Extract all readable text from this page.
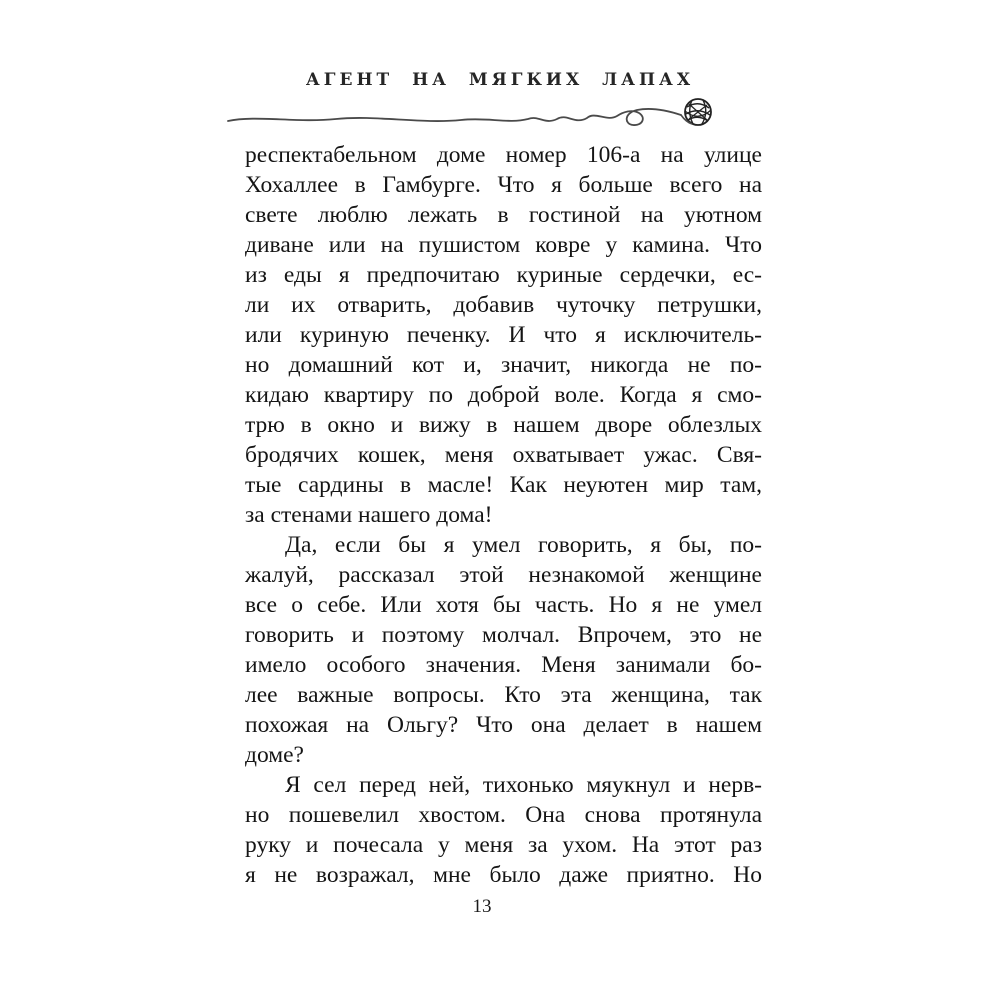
АГЕНТ НА МЯГКИХ ЛАПАХ
респектабельном доме номер 106-а на улице
Хохаллее в Гамбурге. Что я больше всего на
свете люблю лежать в гостиной на уютном
диване или на пушистом ковре у камина. Что
из еды я предпочитаю куриные сердечки, ес-
ли их отварить, добавив чуточку петрушки,
или куриную печенку. И что я исключитель-
но домашний кот и, значит, никогда не по-
кидаю квартиру по доброй воле. Когда я смо-
трю в окно и вижу в нашем дворе облезлых
бродячих кошек, меня охватывает ужас. Свя-
тые сардины в масле! Как неуютен мир там,
за стенами нашего дома!
Да, если бы я умел говорить, я бы, по-
жалуй, рассказал этой незнакомой женщине
все о себе. Или хотя бы часть. Но я не умел
говорить и поэтому молчал. Впрочем, это не
имело особого значения. Меня занимали бо-
лее важные вопросы. Кто эта женщина, так
похожая на Ольгу? Что она делает в нашем
доме?
Я сел перед ней, тихонько мяукнул и нерв-
но пошевелил хвостом. Она снова протянула
руку и почесала у меня за ухом. На этот раз
я не возражал, мне было даже приятно. Но
13
